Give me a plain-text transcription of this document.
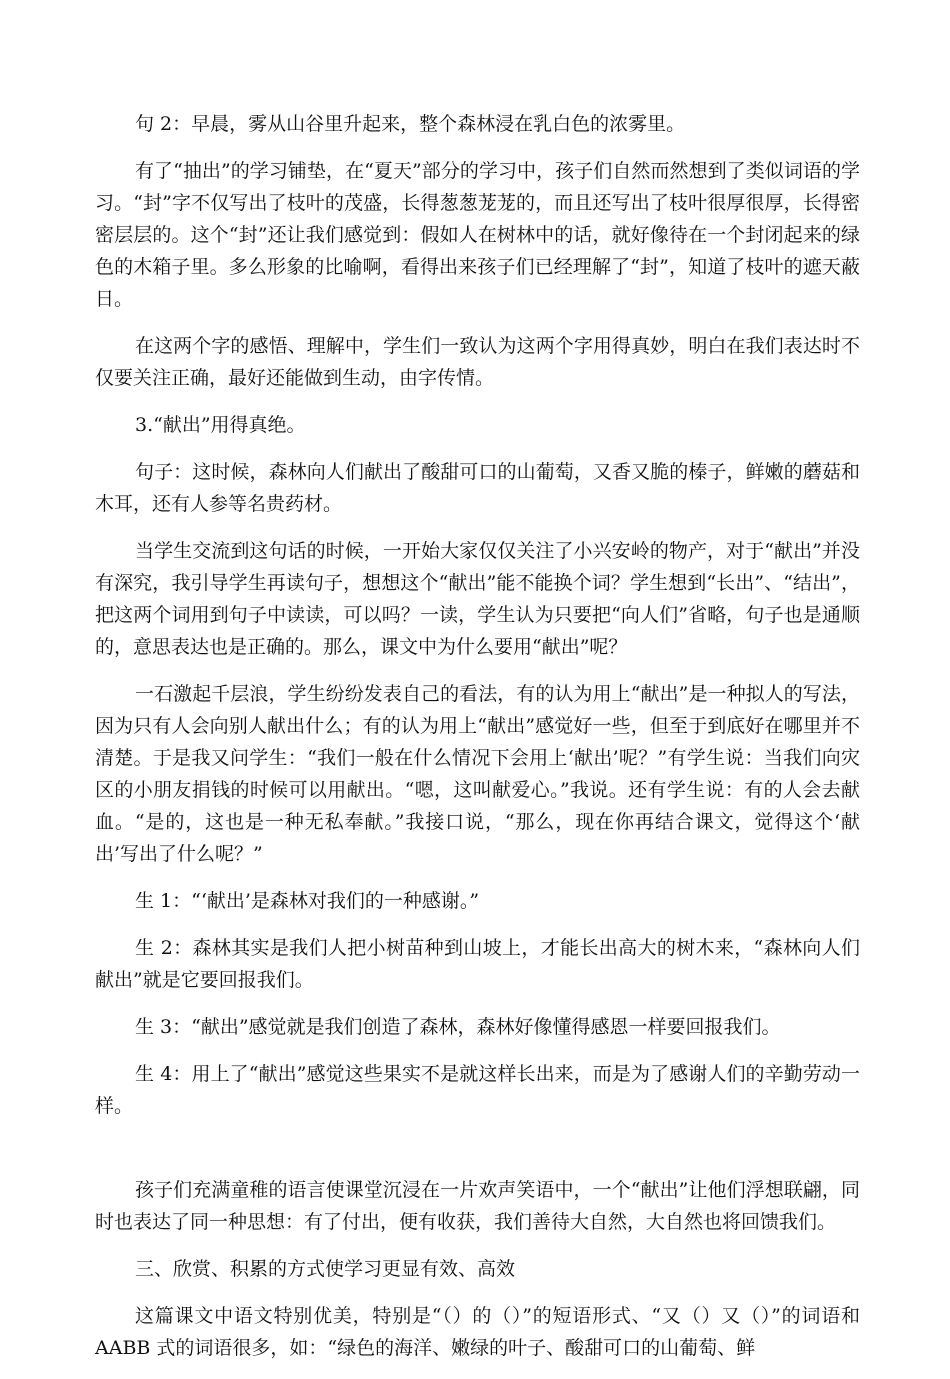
句 2：早晨，雾从山谷里升起来，整个森林浸在乳白色的浓雾里。

有了“抽出”的学习铺垫，在“夏天”部分的学习中，孩子们自然而然想到了类似词语的学习。“封”字不仅写出了枝叶的茂盛，长得葱葱茏茏的，而且还写出了枝叶很厚很厚，长得密密层层的。这个“封”还让我们感觉到：假如人在树林中的话，就好像待在一个封闭起来的绿色的木箱子里。多么形象的比喻啊，看得出来孩子们已经理解了“封”，知道了枝叶的遮天蔽日。

在这两个字的感悟、理解中，学生们一致认为这两个字用得真妙，明白在我们表达时不仅要关注正确，最好还能做到生动，由字传情。

3.“献出”用得真绝。

句子：这时候，森林向人们献出了酸甜可口的山葡萄，又香又脆的榛子，鲜嫩的蘑菇和木耳，还有人参等名贵药材。

当学生交流到这句话的时候，一开始大家仅仅关注了小兴安岭的物产，对于“献出”并没有深究，我引导学生再读句子，想想这个“献出”能不能换个词？学生想到“长出”、“结出”，把这两个词用到句子中读读，可以吗？一读，学生认为只要把“向人们”省略，句子也是通顺的，意思表达也是正确的。那么，课文中为什么要用“献出”呢？

一石激起千层浪，学生纷纷发表自己的看法，有的认为用上“献出”是一种拟人的写法，因为只有人会向别人献出什么；有的认为用上“献出”感觉好一些，但至于到底好在哪里并不清楚。于是我又问学生：“我们一般在什么情况下会用上‘献出’呢？”有学生说：当我们向灾区的小朋友捐钱的时候可以用献出。“嗯，这叫献爱心。”我说。还有学生说：有的人会去献血。“是的，这也是一种无私奉献。”我接口说，“那么，现在你再结合课文，觉得这个‘献出’写出了什么呢？”

生 1：“‘献出’是森林对我们的一种感谢。”

生 2：森林其实是我们人把小树苗种到山坡上，才能长出高大的树木来，“森林向人们献出”就是它要回报我们。

生 3：“献出”感觉就是我们创造了森林，森林好像懂得感恩一样要回报我们。

生 4：用上了“献出”感觉这些果实不是就这样长出来，而是为了感谢人们的辛勤劳动一样。

孩子们充满童稚的语言使课堂沉浸在一片欢声笑语中，一个“献出”让他们浮想联翩，同时也表达了同一种思想：有了付出，便有收获，我们善待大自然，大自然也将回馈我们。

三、欣赏、积累的方式使学习更显有效、高效

这篇课文中语文特别优美，特别是“（）的（）”的短语形式、“又（）又（）”的词语和 AABB 式的词语很多，如：“绿色的海洋、嫩绿的叶子、酸甜可口的山葡萄、鲜
